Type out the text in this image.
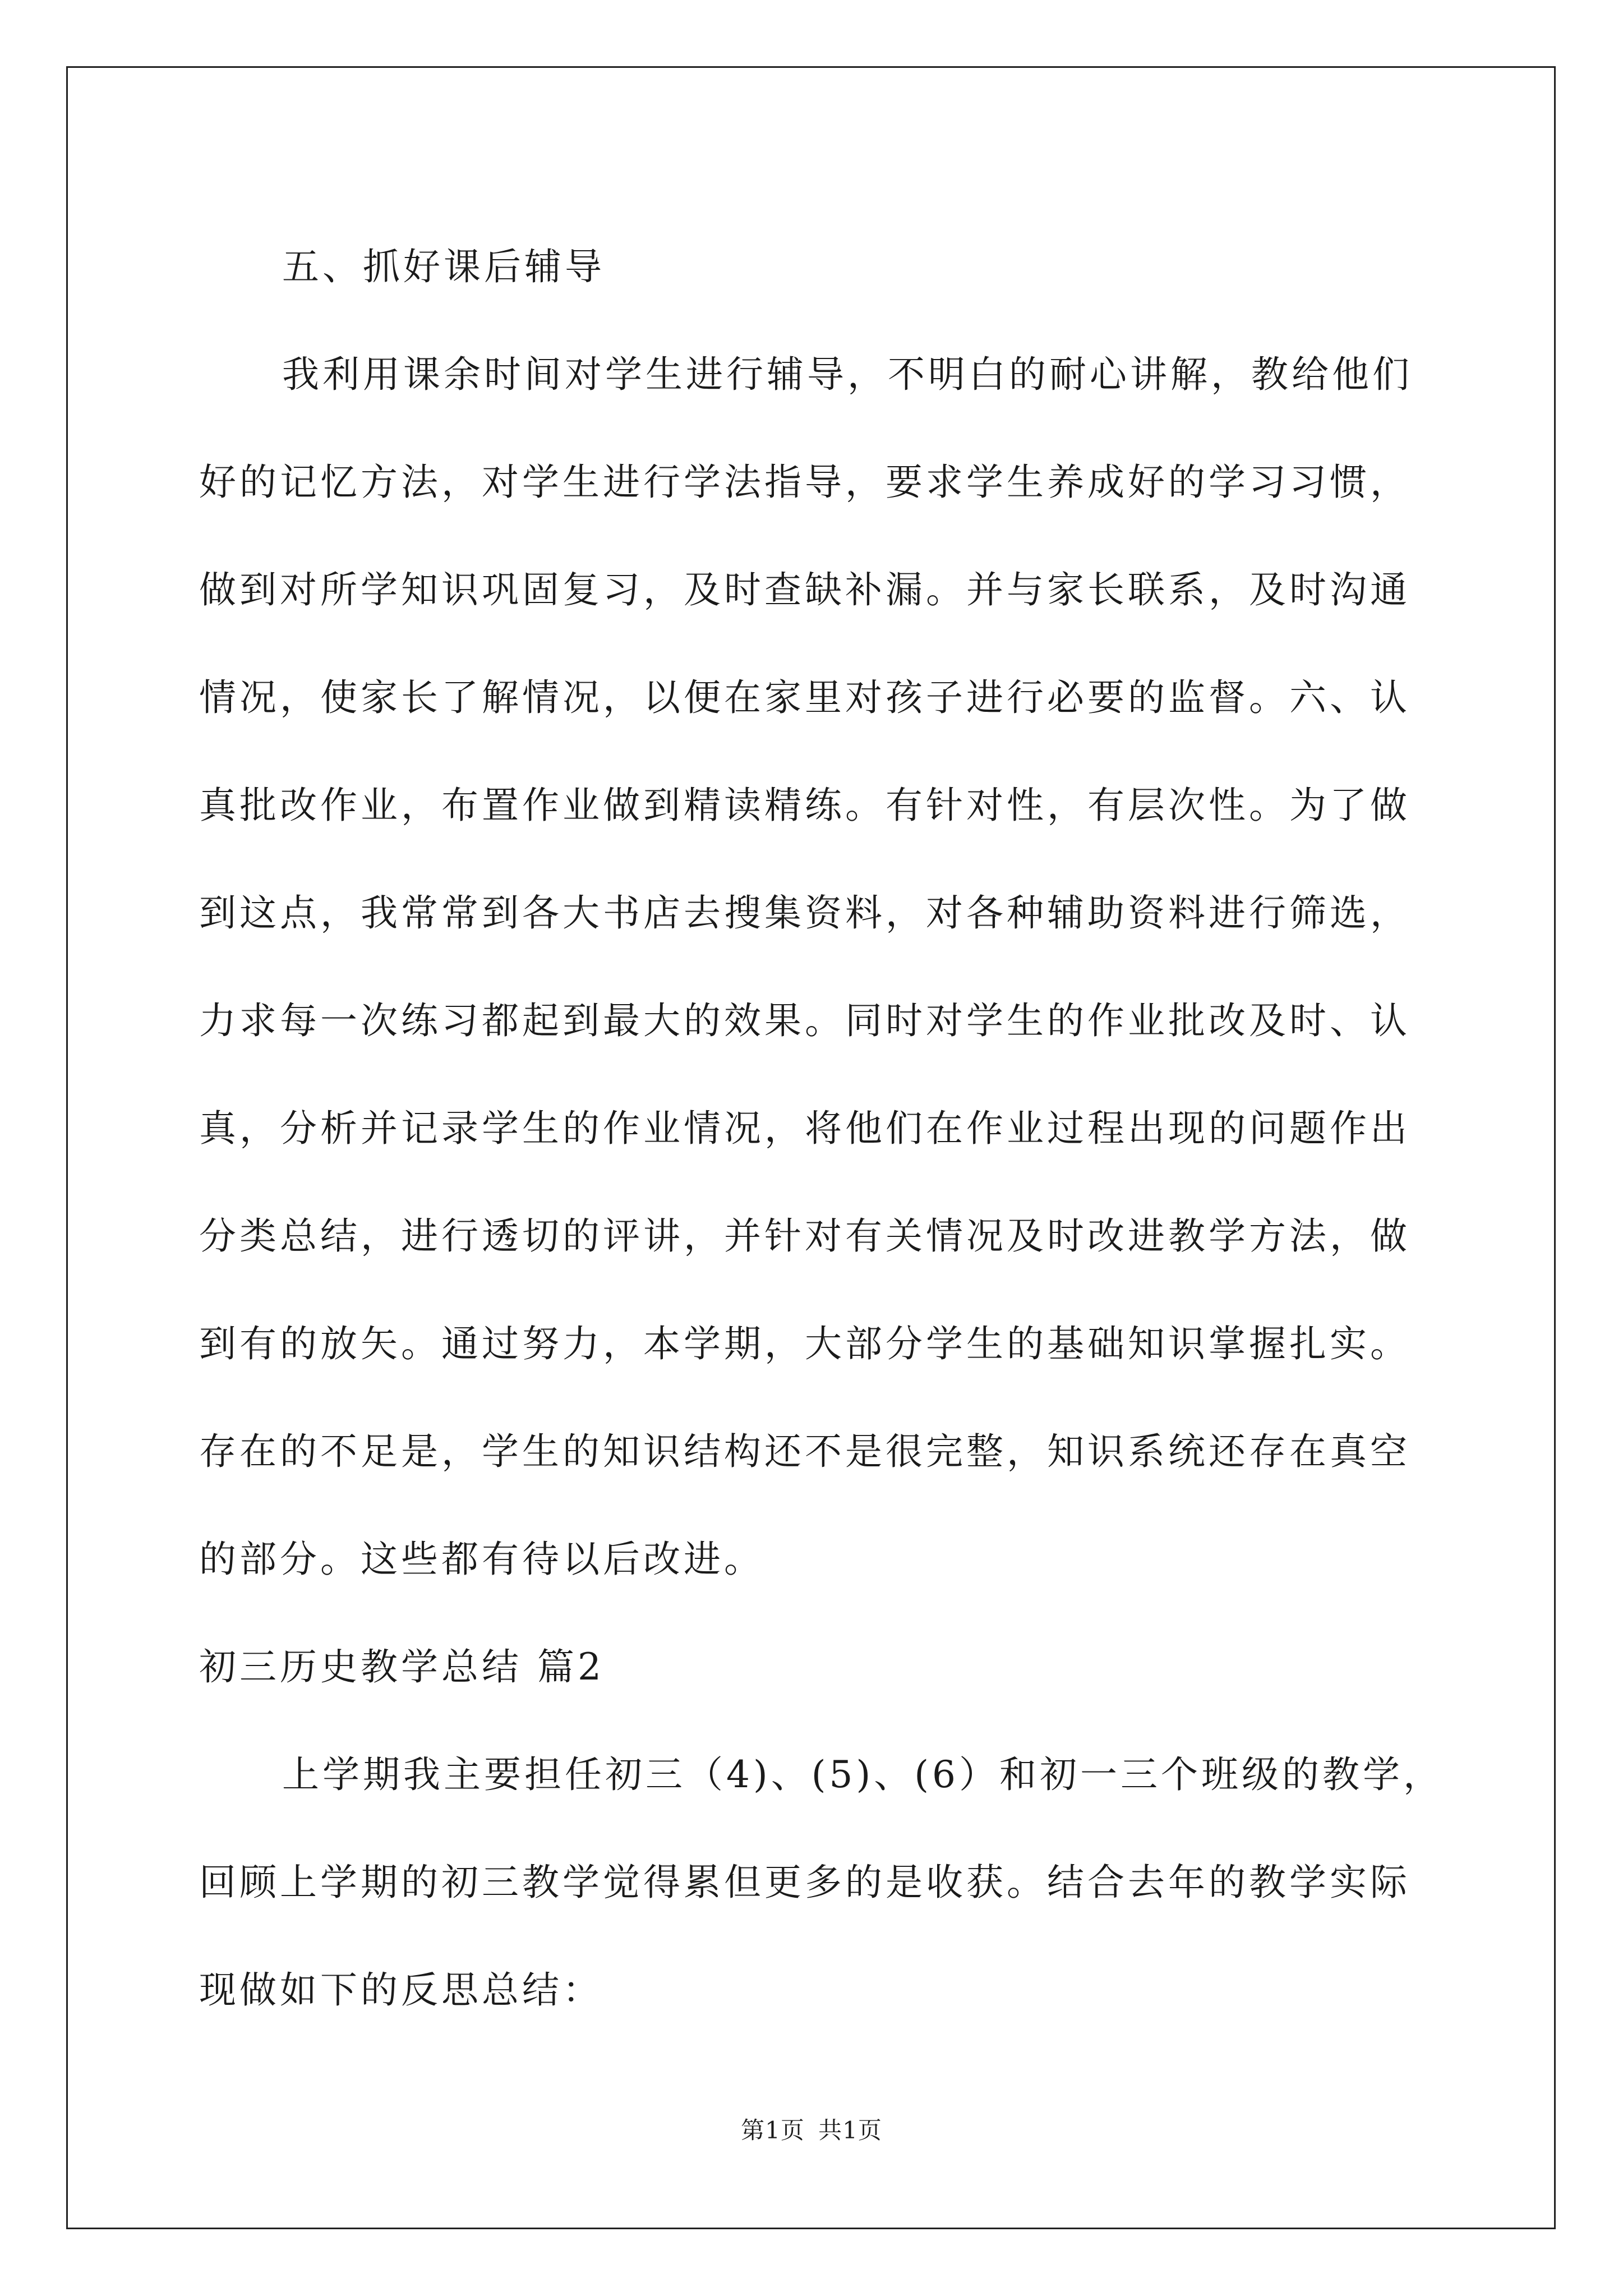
五、抓好课后辅导
我利用课余时间对学生进行辅导，不明白的耐心讲解，教给他们
好的记忆方法，对学生进行学法指导，要求学生养成好的学习习惯，
做到对所学知识巩固复习，及时查缺补漏。并与家长联系，及时沟通
情况，使家长了解情况，以便在家里对孩子进行必要的监督。六、认
真批改作业，布置作业做到精读精练。有针对性，有层次性。为了做
到这点，我常常到各大书店去搜集资料，对各种辅助资料进行筛选，
力求每一次练习都起到最大的效果。同时对学生的作业批改及时、认
真，分析并记录学生的作业情况，将他们在作业过程出现的问题作出
分类总结，进行透切的评讲，并针对有关情况及时改进教学方法，做
到有的放矢。通过努力，本学期，大部分学生的基础知识掌握扎实。
存在的不足是，学生的知识结构还不是很完整，知识系统还存在真空
的部分。这些都有待以后改进。
初三历史教学总结 篇2
上学期我主要担任初三（4)、(5)、(6）和初一三个班级的教学，
回顾上学期的初三教学觉得累但更多的是收获。结合去年的教学实际
现做如下的反思总结：
第1页 共1页
